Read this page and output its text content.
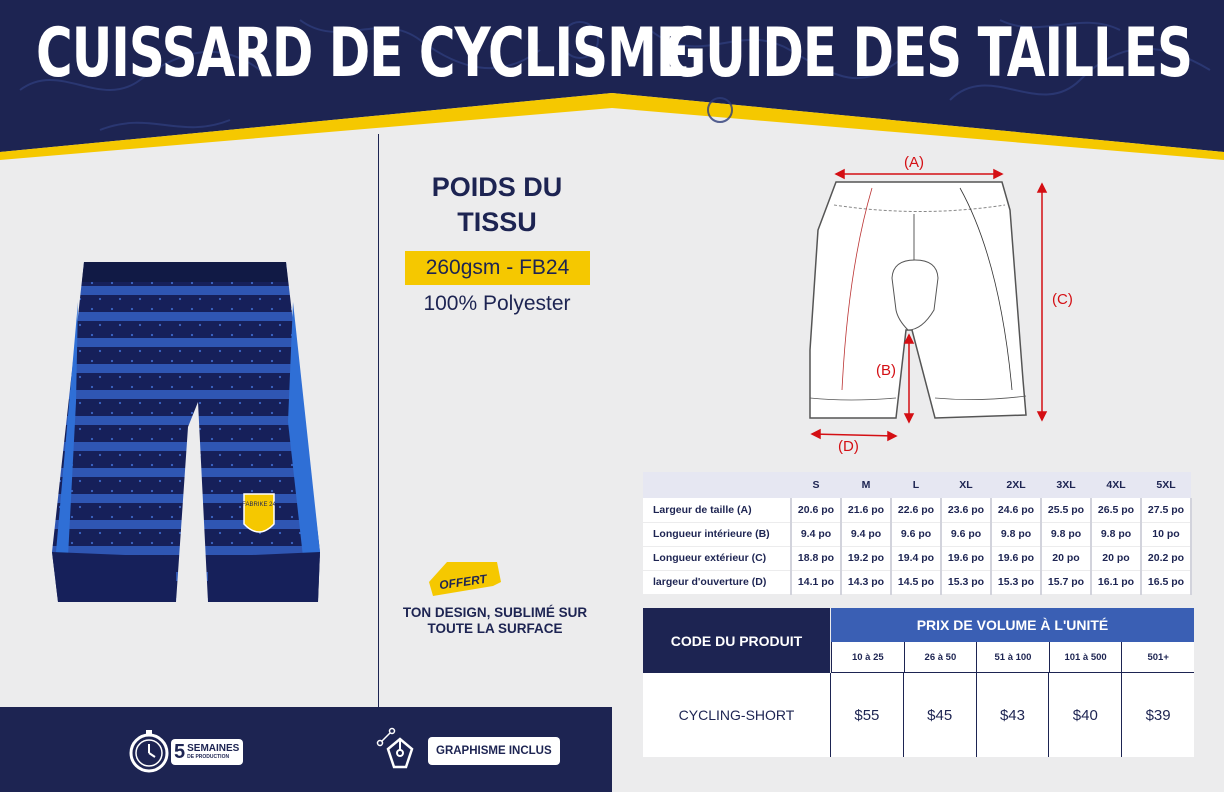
CUISSARD DE CYCLISME
GUIDE DES TAILLES
FABRIKE 24
POIDS DU TISSU
260gsm - FB24
100% Polyester
OFFERT
TON DESIGN, SUBLIMÉ SUR TOUTE LA SURFACE
5 SEMAINES
DE PRODUCTION	GRAPHISME INCLUS
(A)
(C)
(B)
(D)
	S	M	L	XL	2XL	3XL	4XL	5XL
Largeur de taille (A)	20.6 po	21.6 po	22.6 po	23.6 po	24.6 po	25.5 po	26.5 po	27.5 po
Longueur intérieure (B)	9.4 po	9.4 po	9.6 po	9.6 po	9.8 po	9.8 po	9.8 po	10 po
Longueur extérieur (C)	18.8 po	19.2 po	19.4 po	19.6 po	19.6 po	20 po	20 po	20.2 po
largeur d'ouverture (D)	14.1 po	14.3 po	14.5 po	15.3 po	15.3 po	15.7 po	16.1 po	16.5 po
CODE DU PRODUIT
PRIX DE VOLUME À L'UNITÉ
10 à 25	26 à 50	51 à 100	101 à 500	501+
CYCLING-SHORT	$55	$45	$43	$40	$39
